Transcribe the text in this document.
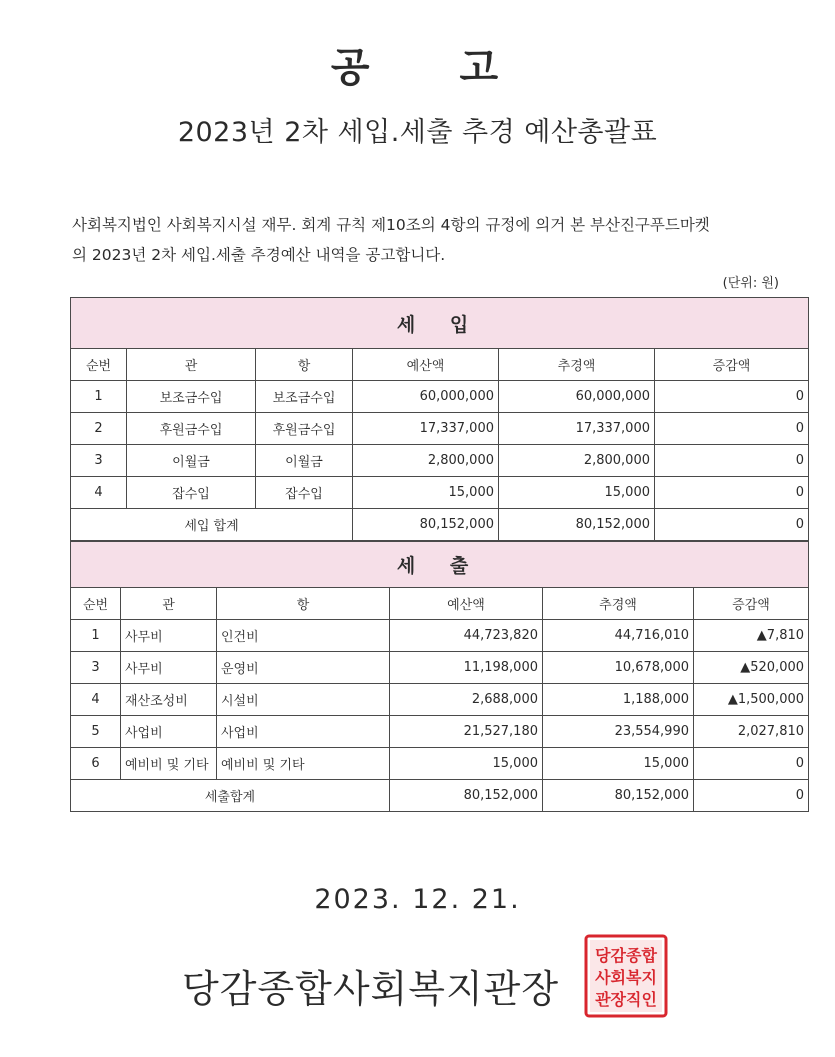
공 고
2023년 2차 세입.세출 추경 예산총괄표
사회복지법인 사회복지시설 재무. 회계 규칙 제10조의 4항의 규정에 의거 본 부산진구푸드마켓
의 2023년 2차 세입.세출 추경예산 내역을 공고합니다.
(단위: 원)
세 입					
순번	관	항	예산액	추경액	증감액
1	보조금수입	보조금수입	60,000,000	60,000,000	0
2	후원금수입	후원금수입	17,337,000	17,337,000	0
3	이월금	이월금	2,800,000	2,800,000	0
4	잡수입	잡수입	15,000	15,000	0
세입 합계			80,152,000	80,152,000	0
세 출					
순번	관	항	예산액	추경액	증감액
1	사무비	인건비	44,723,820	44,716,010	▲7,810
3	사무비	운영비	11,198,000	10,678,000	▲520,000
4	재산조성비	시설비	2,688,000	1,188,000	▲1,500,000
5	사업비	사업비	21,527,180	23,554,990	2,027,810
6	예비비 및 기타	예비비 및 기타	15,000	15,000	0
세출합계			80,152,000	80,152,000	0
2023. 12. 21.
당감종합사회복지관장
당감종합
사회복지
관장직인
